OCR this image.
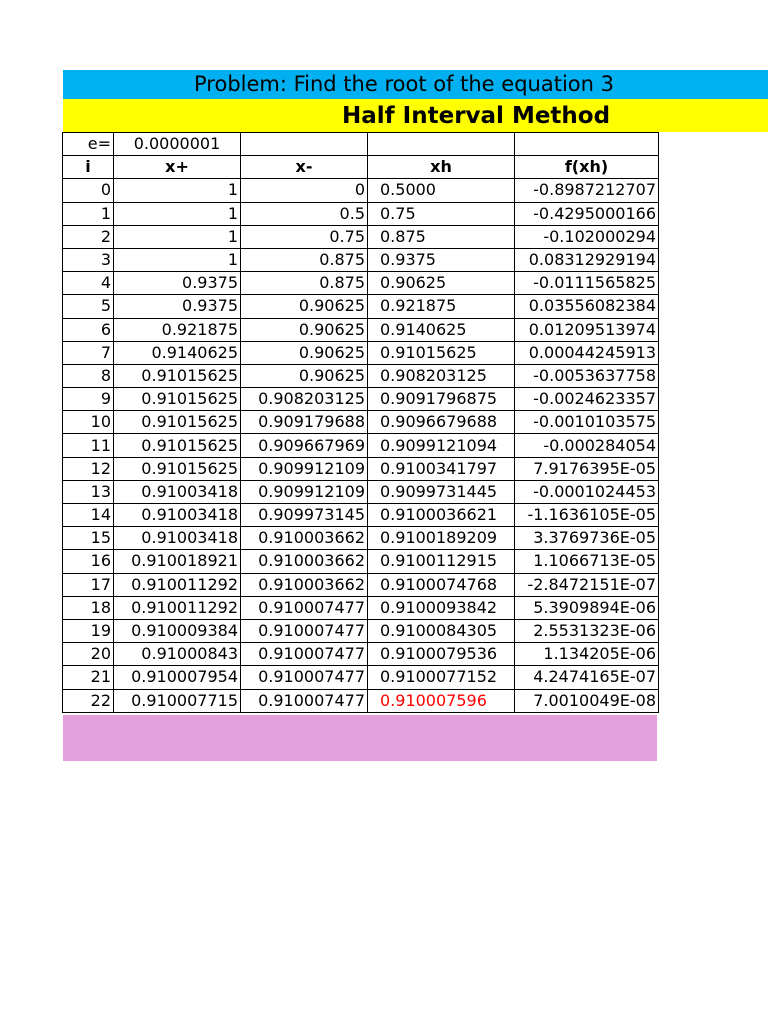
Problem: Find the root of the equation 3
Half Interval Method
e=	0.0000001			
i	x+	x-	xh	f(xh)
0	1	0	0.5000	-0.8987212707
1	1	0.5	0.75	-0.4295000166
2	1	0.75	0.875	-0.102000294
3	1	0.875	0.9375	0.08312929194
4	0.9375	0.875	0.90625	-0.0111565825
5	0.9375	0.90625	0.921875	0.03556082384
6	0.921875	0.90625	0.9140625	0.01209513974
7	0.9140625	0.90625	0.91015625	0.00044245913
8	0.91015625	0.90625	0.908203125	-0.0053637758
9	0.91015625	0.908203125	0.9091796875	-0.0024623357
10	0.91015625	0.909179688	0.9096679688	-0.0010103575
11	0.91015625	0.909667969	0.9099121094	-0.000284054
12	0.91015625	0.909912109	0.9100341797	7.9176395E-05
13	0.91003418	0.909912109	0.9099731445	-0.0001024453
14	0.91003418	0.909973145	0.9100036621	-1.1636105E-05
15	0.91003418	0.910003662	0.9100189209	3.3769736E-05
16	0.910018921	0.910003662	0.9100112915	1.1066713E-05
17	0.910011292	0.910003662	0.9100074768	-2.8472151E-07
18	0.910011292	0.910007477	0.9100093842	5.3909894E-06
19	0.910009384	0.910007477	0.9100084305	2.5531323E-06
20	0.91000843	0.910007477	0.9100079536	1.134205E-06
21	0.910007954	0.910007477	0.9100077152	4.2474165E-07
22	0.910007715	0.910007477	0.910007596	7.0010049E-08
